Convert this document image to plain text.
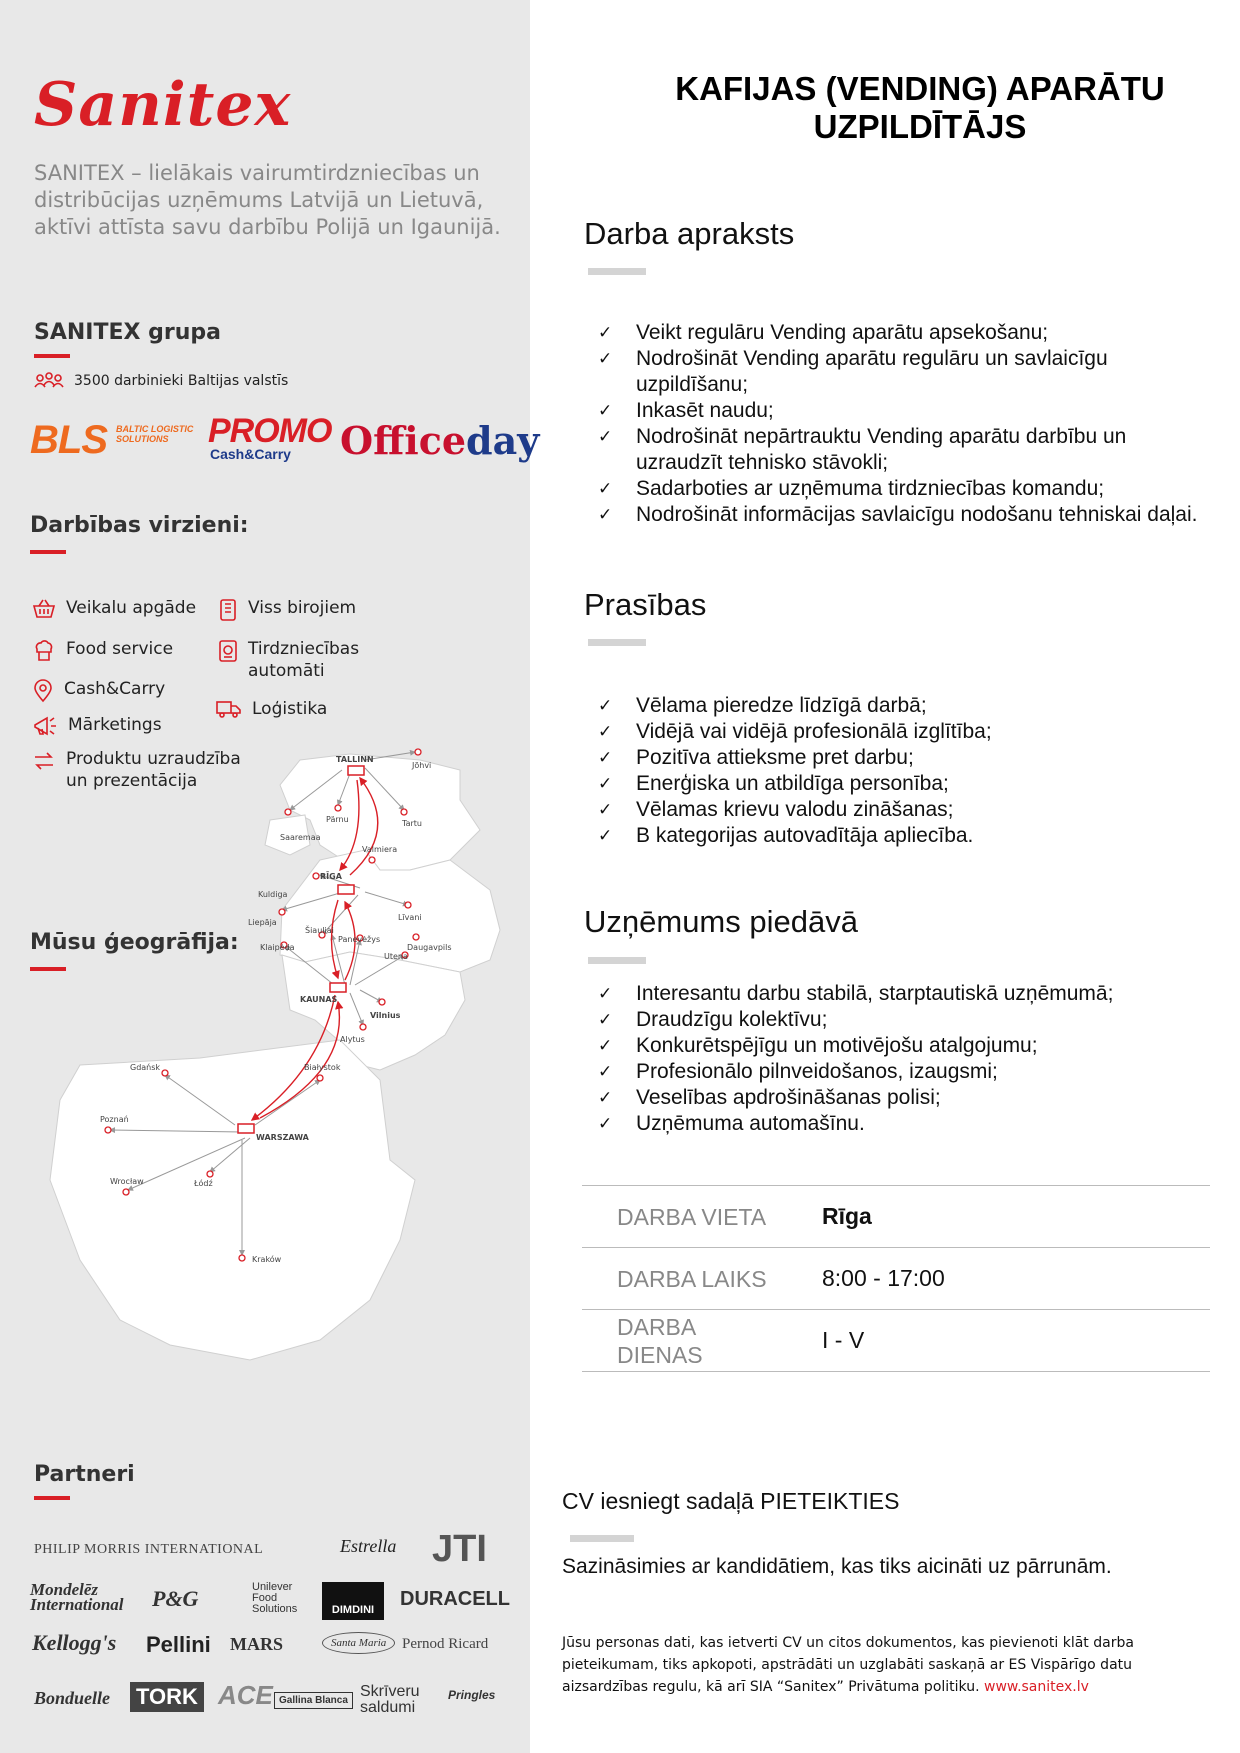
Sanitex
SANITEX – lielākais vairumtirdzniecības un distribūcijas uzņēmums Latvijā un Lietuvā, aktīvi attīsta savu darbību Polijā un Igaunijā.
SANITEX grupa
3500 darbinieki Baltijas valstīs
BLS BALTIC LOGISTIC SOLUTIONS	PROMO
Cash&Carry Officeday
Darbības virzieni:
Veikalu apgāde	Viss birojiem
Food service	Tirdzniecības automāti
Cash&Carry
Loģistika
Mārketings
Produktu uzraudzība un prezentācija
Mūsu ģeogrāfija:
TALLINN
Jõhvi
Pärnu	Tartu
Saaremaa
Valmiera
RĪGA
Kuldiga
Liepāja
Līvani
Šiauliai
Panevėžys
Daugavpils
Klaipėda
Utena
KAUNAS
Vilnius
Alytus
Gdańsk	Białystok
Poznań
WARSZAWA
Wrocław	Łódź
Kraków
Partneri
PHILIP MORRIS INTERNATIONAL	Estrella JTI
Mondelēz International P&G	Unilever Food Solutions	DIMDINI	DURACELL
Kellogg's Pellini MARS	Santa Maria	Pernod Ricard
Bonduelle TORK ACE Gallina Blanca
Skrīveru saldumi
Pringles
KAFIJAS (VENDING) APARĀTU
UZPILDĪTĀJS
Darba apraksts
✓ Veikt regulāru Vending aparātu apsekošanu;
✓ Nodrošināt Vending aparātu regulāru un savlaicīgu uzpildīšanu;
✓ Inkasēt naudu;
✓ Nodrošināt nepārtrauktu Vending aparātu darbību un uzraudzīt tehnisko stāvokli;
✓ Sadarboties ar uzņēmuma tirdzniecības komandu;
✓ Nodrošināt informācijas savlaicīgu nodošanu tehniskai daļai.
Prasības
✓ Vēlama pieredze līdzīgā darbā;
✓ Vidējā vai vidējā profesionālā izglītība;
✓ Pozitīva attieksme pret darbu;
✓ Enerģiska un atbildīga personība;
✓ Vēlamas krievu valodu zināšanas;
✓ B kategorijas autovadītāja apliecība.
Uzņēmums piedāvā
✓ Interesantu darbu stabilā, starptautiskā uzņēmumā;
✓ Draudzīgu kolektīvu;
✓ Konkurētspējīgu un motivējošu atalgojumu;
✓ Profesionālo pilnveidošanos, izaugsmi;
✓ Veselības apdrošināšanas polisi;
✓ Uzņēmuma automašīnu.
DARBA VIETA	Rīga
DARBA LAIKS	8:00 - 17:00
DARBA DIENAS	I - V
CV iesniegt sadaļā PIETEIKTIES
Sazināsimies ar kandidātiem, kas tiks aicināti uz pārrunām.
Jūsu personas dati, kas ietverti CV un citos dokumentos, kas pievienoti klāt darba pieteikumam, tiks apkopoti, apstrādāti un uzglabāti saskaņā ar ES Vispārīgo datu aizsardzības regulu, kā arī SIA “Sanitex” Privātuma politiku. www.sanitex.lv
